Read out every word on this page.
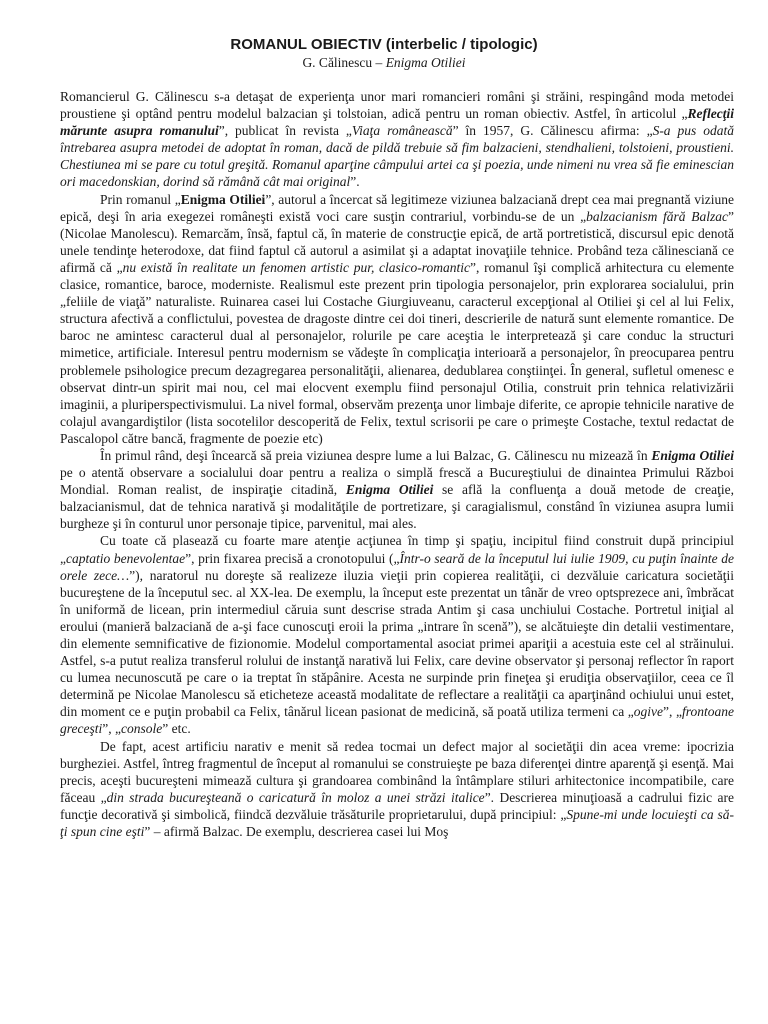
ROMANUL OBIECTIV (interbelic / tipologic)
G. Călinescu – Enigma Otiliei

Romancierul G. Călinescu s-a detaşat de experienţa unor mari romancieri români şi străini, respingând moda metodei proustiene şi optând pentru modelul balzacian şi tolstoian, adică pentru un roman obiectiv. Astfel, în articolul „Reflecţii mărunte asupra romanului”, publicat în revista „Viaţa românească” în 1957, G. Călinescu afirma: „S-a pus odată întrebarea asupra metodei de adoptat în roman, dacă de pildă trebuie să fim balzacieni, stendhalieni, tolstoieni, proustieni. Chestiunea mi se pare cu totul greşită. Romanul aparţine câmpului artei ca şi poezia, unde nimeni nu vrea să fie eminescian ori macedonskian, dorind să rămână cât mai original”.

Prin romanul „Enigma Otiliei”, autorul a încercat să legitimeze viziunea balzaciană drept cea mai pregnantă viziune epică, deşi în aria exegezei româneşti există voci care susţin contrariul, vorbindu-se de un „balzacianism fără Balzac” (Nicolae Manolescu). Remarcăm, însă, faptul că, în materie de construcţie epică, de artă portretistică, discursul epic denotă unele tendinţe heterodoxe, dat fiind faptul că autorul a asimilat şi a adaptat inovaţiile tehnice. Probând teza călinesciană ce afirmă că „nu există în realitate un fenomen artistic pur, clasico-romantic”, romanul îşi complică arhitectura cu elemente clasice, romantice, baroce, moderniste. Realismul este prezent prin tipologia personajelor, prin explorarea socialului, prin „feliile de viaţă” naturaliste. Ruinarea casei lui Costache Giurgiuveanu, caracterul excepţional al Otiliei şi cel al lui Felix, structura afectivă a conflictului, povestea de dragoste dintre cei doi tineri, descrierile de natură sunt elemente romantice. De baroc ne amintesc caracterul dual al personajelor, rolurile pe care aceştia le interpretează şi care conduc la structuri mimetice, artificiale. Interesul pentru modernism se vădeşte în complicaţia interioară a personajelor, în preocuparea pentru problemele psihologice precum dezagregarea personalităţii, alienarea, dedublarea conştiinţei. În general, sufletul omenesc e observat dintr-un spirit mai nou, cel mai elocvent exemplu fiind personajul Otilia, construit prin tehnica relativizării imaginii, a pluriperspectivismului. La nivel formal, observăm prezenţa unor limbaje diferite, ce apropie tehnicile narative de colajul avangardiştilor (lista socotelilor descoperită de Felix, textul scrisorii pe care o primeşte Costache, textul redactat de Pascalopol către bancă, fragmente de poezie etc)

În primul rând, deşi încearcă să preia viziunea despre lume a lui Balzac, G. Călinescu nu mizează în Enigma Otiliei pe o atentă observare a socialului doar pentru a realiza o simplă frescă a Bucureştiului de dinaintea Primului Război Mondial. Roman realist, de inspiraţie citadină, Enigma Otiliei se află la confluenţa a două metode de creaţie, balzacianismul, dat de tehnica narativă şi modalităţile de portretizare, şi caragialismul, constând în viziunea asupra lumii burgheze şi în conturul unor personaje tipice, parvenitul, mai ales.

Cu toate că plasează cu foarte mare atenţie acţiunea în timp şi spaţiu, incipitul fiind construit după principiul „captatio benevolentae”, prin fixarea precisă a cronotopului („Într-o seară de la începutul lui iulie 1909, cu puţin înainte de orele zece…”), naratorul nu doreşte să realizeze iluzia vieţii prin copierea realităţii, ci dezvăluie caricatura societăţii bucureştene de la începutul sec. al XX-lea. De exemplu, la început este prezentat un tânăr de vreo optsprezece ani, îmbrăcat în uniformă de licean, prin intermediul căruia sunt descrise strada Antim şi casa unchiului Costache. Portretul iniţial al eroului (manieră balzaciană de a-şi face cunoscuţi eroii la prima „intrare în scenă”), se alcătuieşte din detalii vestimentare, din elemente semnificative de fizionomie. Modelul comportamental asociat primei apariţii a acestuia este cel al străinului. Astfel, s-a putut realiza transferul rolului de instanţă narativă lui Felix, care devine observator şi personaj reflector în raport cu lumea necunoscută pe care o ia treptat în stăpânire. Acesta ne surpinde prin fineţea şi erudiţia observaţiilor, ceea ce îl determină pe Nicolae Manolescu să eticheteze această modalitate de reflectare a realităţii ca aparţinând ochiului unui estet, din moment ce e puţin probabil ca Felix, tânărul licean pasionat de medicină, să poată utiliza termeni ca „ogive”, „frontoane greceşti”, „console” etc.

De fapt, acest artificiu narativ e menit să redea tocmai un defect major al societăţii din acea vreme: ipocrizia burgheziei. Astfel, întreg fragmentul de început al romanului se construieşte pe baza diferenţei dintre aparenţă şi esenţă. Mai precis, aceşti bucureşteni mimează cultura şi grandoarea combinând la întâmplare stiluri arhitectonice incompatibile, care făceau „din strada bucureşteană o caricatură în moloz a unei străzi italice”. Descrierea minuţioasă a cadrului fizic are funcţie decorativă şi simbolică, fiindcă dezvăluie trăsăturile proprietarului, după principiul: „Spune-mi unde locuieşti ca să-ţi spun cine eşti” – afirmă Balzac. De exemplu, descrierea casei lui Moş
